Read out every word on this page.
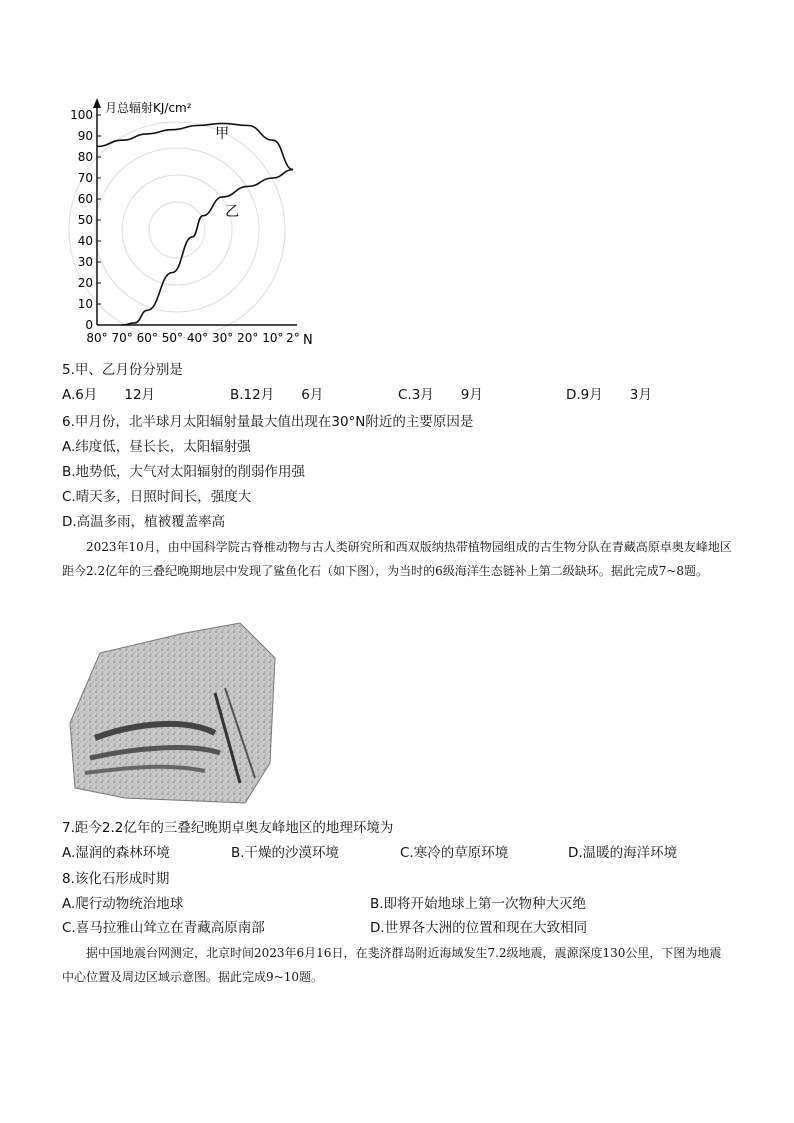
0
10
20
30
40
50
60
70
80
90
100
80° 70° 60° 50° 40° 30° 20° 10° 2°
甲
乙
月总辐射KJ/cm²
N
5.甲、乙月份分别是
A.6月　　12月	B.12月　　6月	C.3月　　9月	D.9月　　3月
6.甲月份，北半球月太阳辐射量最大值出现在30°N附近的主要原因是
A.纬度低，昼长长，太阳辐射强
B.地势低，大气对太阳辐射的削弱作用强
C.晴天多，日照时间长，强度大
D.高温多雨，植被覆盖率高
2023年10月，由中国科学院古脊椎动物与古人类研究所和西双版纳热带植物园组成的古生物分队在青藏高原卓奥友峰地区距今2.2亿年的三叠纪晚期地层中发现了鲨鱼化石（如下图），为当时的6级海洋生态链补上第二级缺环。据此完成7~8题。
7.距今2.2亿年的三叠纪晚期卓奥友峰地区的地理环境为
A.湿润的森林环境	B.干燥的沙漠环境	C.寒冷的草原环境	D.温暖的海洋环境
8.该化石形成时期
A.爬行动物统治地球	B.即将开始地球上第一次物种大灭绝
C.喜马拉雅山耸立在青藏高原南部	D.世界各大洲的位置和现在大致相同
据中国地震台网测定，北京时间2023年6月16日，在斐济群岛附近海域发生7.2级地震，震源深度130公里，下图为地震中心位置及周边区域示意图。据此完成9~10题。
